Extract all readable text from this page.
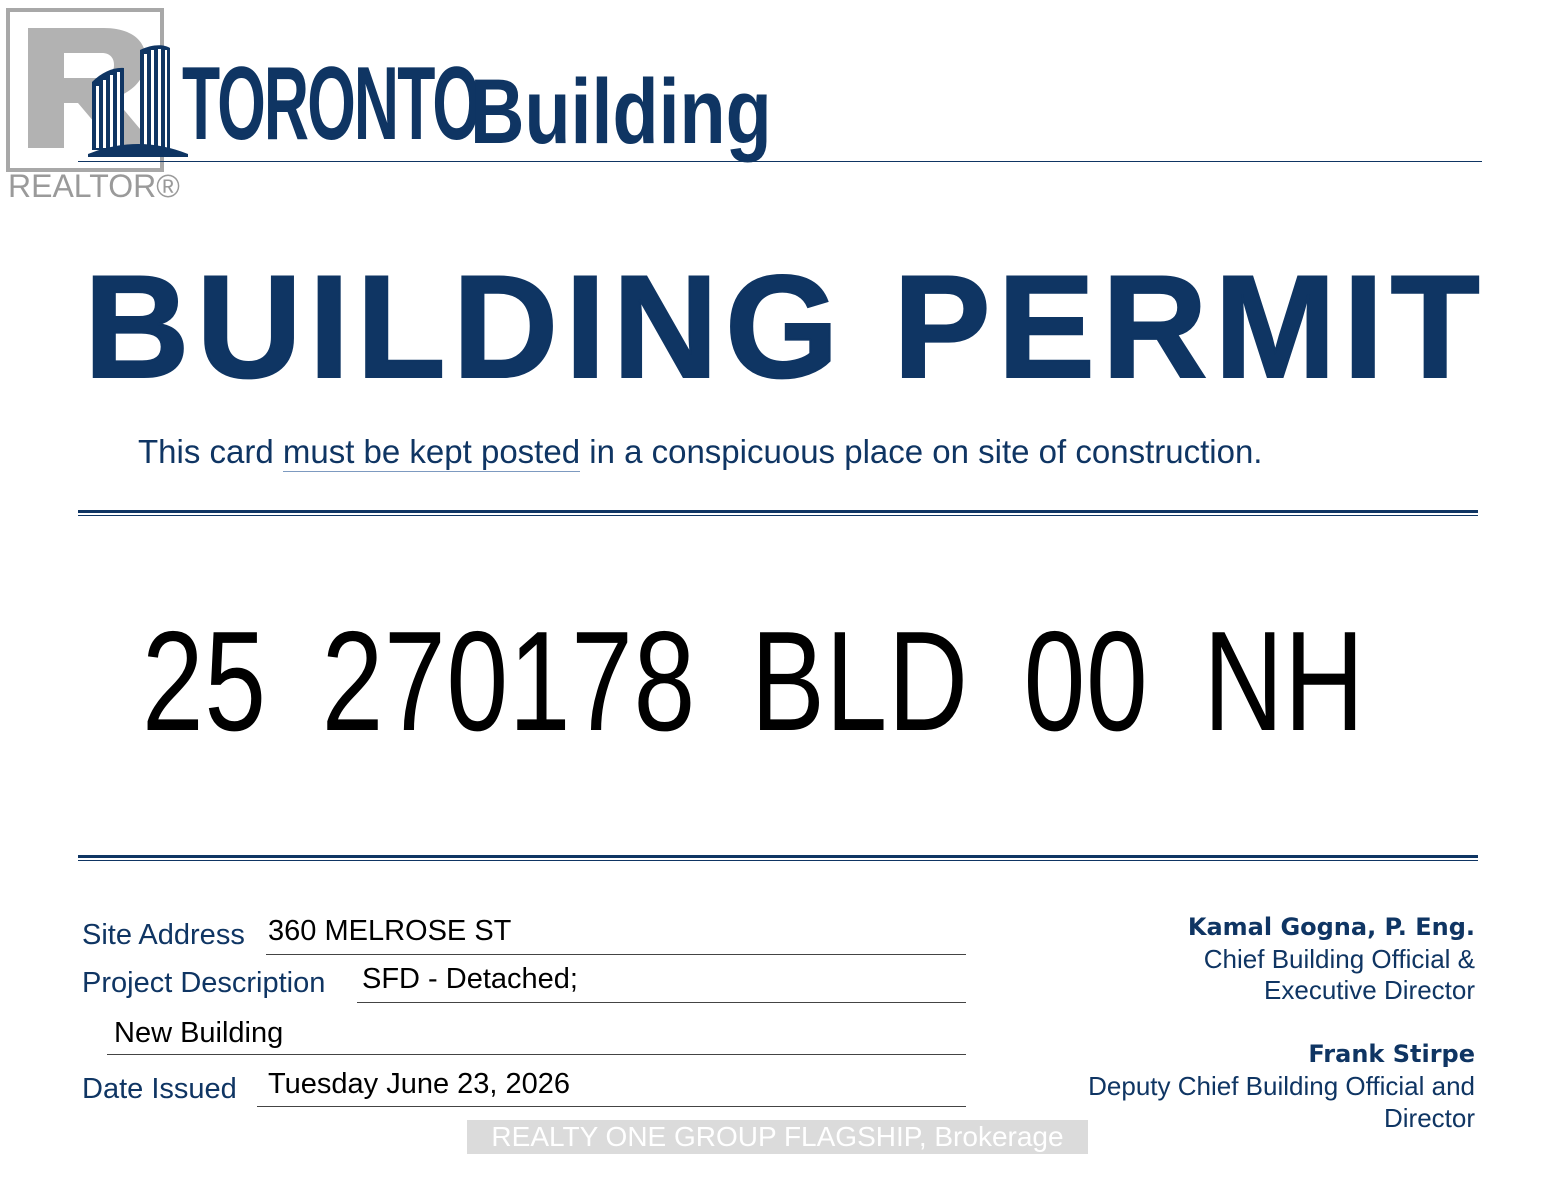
REALTOR®
TORONTO
Building
BUILDING PERMIT
This card must be kept posted in a conspicuous place on site of construction.
25 270178 BLD 00 NH
Site Address 360 MELROSE ST
Project Description SFD - Detached;
New Building
Date Issued Tuesday June 23, 2026
Kamal Gogna, P. Eng.
Chief Building Official &
Executive Director
Frank Stirpe
Deputy Chief Building Official and
Director
REALTY ONE GROUP FLAGSHIP, Brokerage
